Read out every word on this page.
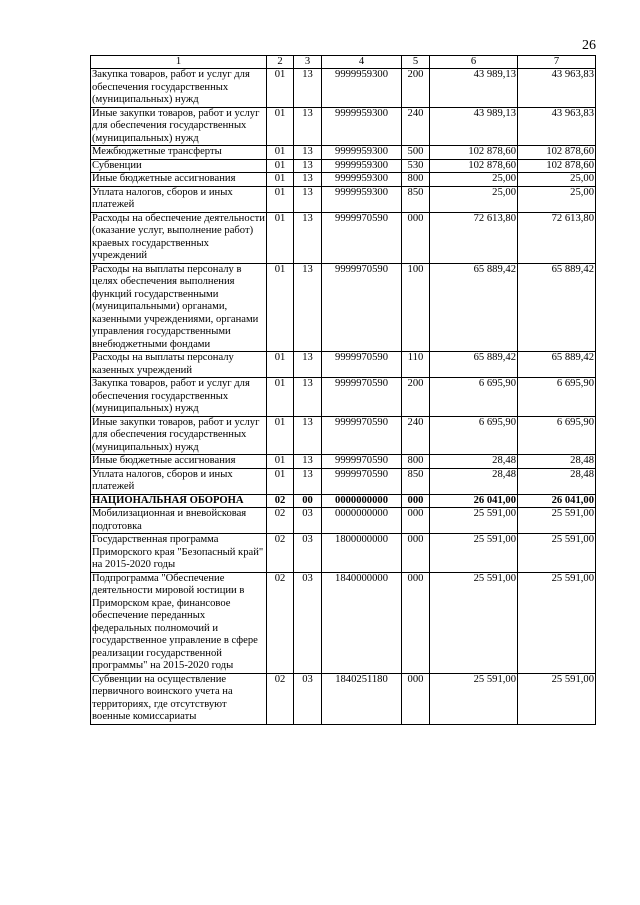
26
1	2	3	4	5	6	7
Закупка товаров, работ и услуг для обеспечения государственных (муниципальных) нужд	01	13	9999959300	200	43 989,13	43 963,83
Иные закупки товаров, работ и услуг для обеспечения государственных (муниципальных) нужд	01	13	9999959300	240	43 989,13	43 963,83
Межбюджетные трансферты	01	13	9999959300	500	102 878,60	102 878,60
Субвенции	01	13	9999959300	530	102 878,60	102 878,60
Иные бюджетные ассигнования	01	13	9999959300	800	25,00	25,00
Уплата налогов, сборов и иных платежей	01	13	9999959300	850	25,00	25,00
Расходы на обеспечение деятельности (оказание услуг, выполнение работ) краевых государственных учреждений	01	13	9999970590	000	72 613,80	72 613,80
Расходы на выплаты персоналу в целях обеспечения выполнения функций государственными (муниципальными) органами, казенными учреждениями, органами управления государственными внебюджетными фондами	01	13	9999970590	100	65 889,42	65 889,42
Расходы на выплаты персоналу казенных учреждений	01	13	9999970590	110	65 889,42	65 889,42
Закупка товаров, работ и услуг для обеспечения государственных (муниципальных) нужд	01	13	9999970590	200	6 695,90	6 695,90
Иные закупки товаров, работ и услуг для обеспечения государственных (муниципальных) нужд	01	13	9999970590	240	6 695,90	6 695,90
Иные бюджетные ассигнования	01	13	9999970590	800	28,48	28,48
Уплата налогов, сборов и иных платежей	01	13	9999970590	850	28,48	28,48
НАЦИОНАЛЬНАЯ ОБОРОНА	02	00	0000000000	000	26 041,00	26 041,00
Мобилизационная и вневойсковая подготовка	02	03	0000000000	000	25 591,00	25 591,00
Государственная программа Приморского края "Безопасный край" на 2015-2020 годы	02	03	1800000000	000	25 591,00	25 591,00
Подпрограмма "Обеспечение деятельности мировой юстиции в Приморском крае, финансовое обеспечение переданных федеральных полномочий и государственное управление в сфере реализации государственной программы" на 2015-2020 годы	02	03	1840000000	000	25 591,00	25 591,00
Субвенции на осуществление первичного воинского учета на территориях, где отсутствуют военные комиссариаты	02	03	1840251180	000	25 591,00	25 591,00
